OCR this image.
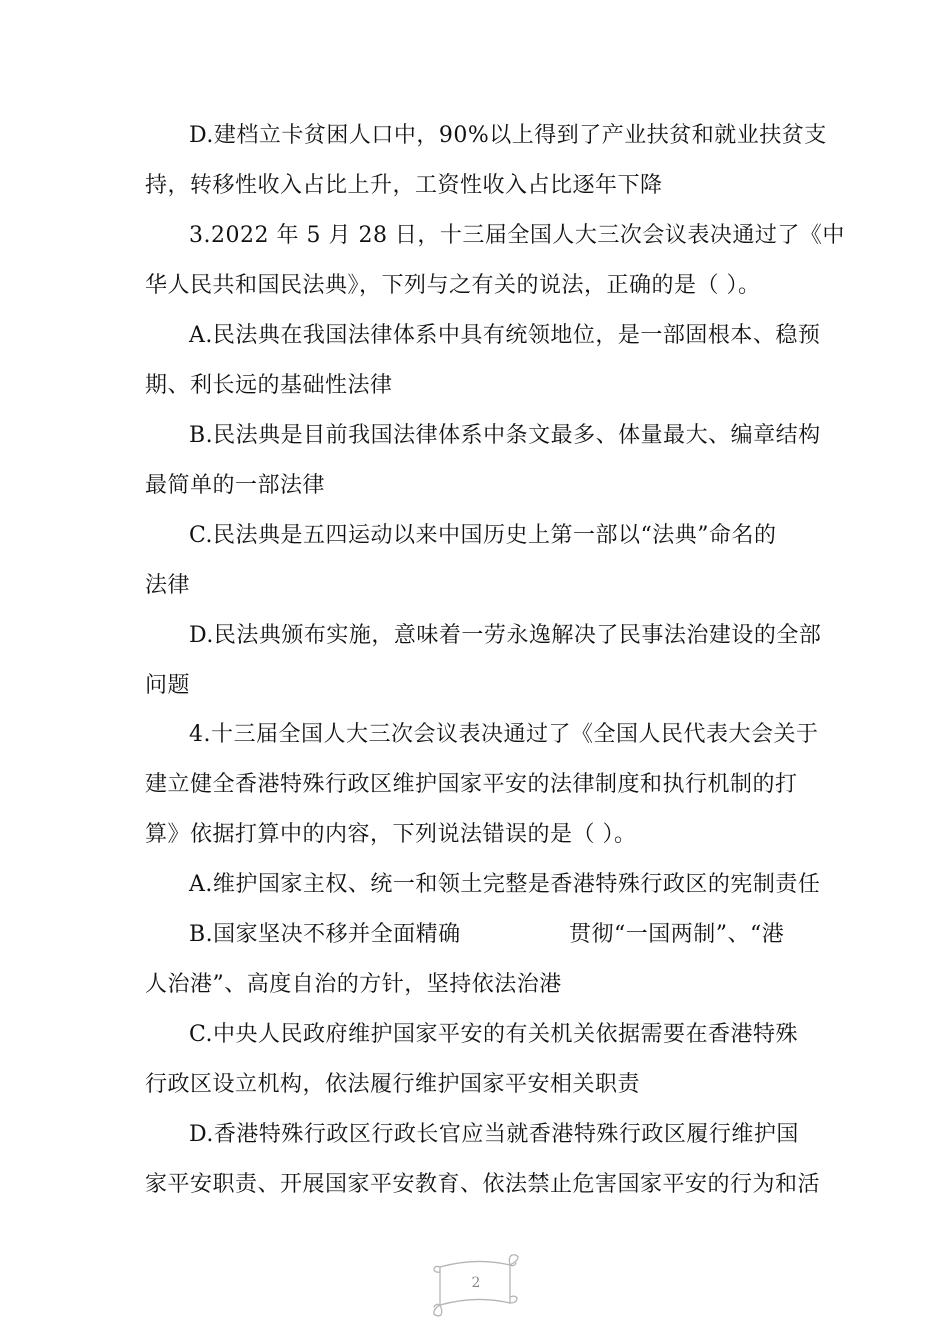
D.建档立卡贫困人口中，90%以上得到了产业扶贫和就业扶贫支
持，转移性收入占比上升，工资性收入占比逐年下降
3.2022 年 5 月 28 日，十三届全国人大三次会议表决通过了《中
华人民共和国民法典》，下列与之有关的说法，正确的是（ ）。
A.民法典在我国法律体系中具有统领地位，是一部固根本、稳预
期、利长远的基础性法律
B.民法典是目前我国法律体系中条文最多、体量最大、编章结构
最简单的一部法律
C.民法典是五四运动以来中国历史上第一部以“法典”命名的
法律
D.民法典颁布实施，意味着一劳永逸解决了民事法治建设的全部
问题
4.十三届全国人大三次会议表决通过了《全国人民代表大会关于
建立健全香港特殊行政区维护国家平安的法律制度和执行机制的打
算》依据打算中的内容，下列说法错误的是（ ）。
A.维护国家主权、统一和领土完整是香港特殊行政区的宪制责任
B.国家坚决不移并全面精确	贯彻“一国两制”、“港
人治港”、高度自治的方针，坚持依法治港
C.中央人民政府维护国家平安的有关机关依据需要在香港特殊
行政区设立机构，依法履行维护国家平安相关职责
D.香港特殊行政区行政长官应当就香港特殊行政区履行维护国
家平安职责、开展国家平安教育、依法禁止危害国家平安的行为和活
2
